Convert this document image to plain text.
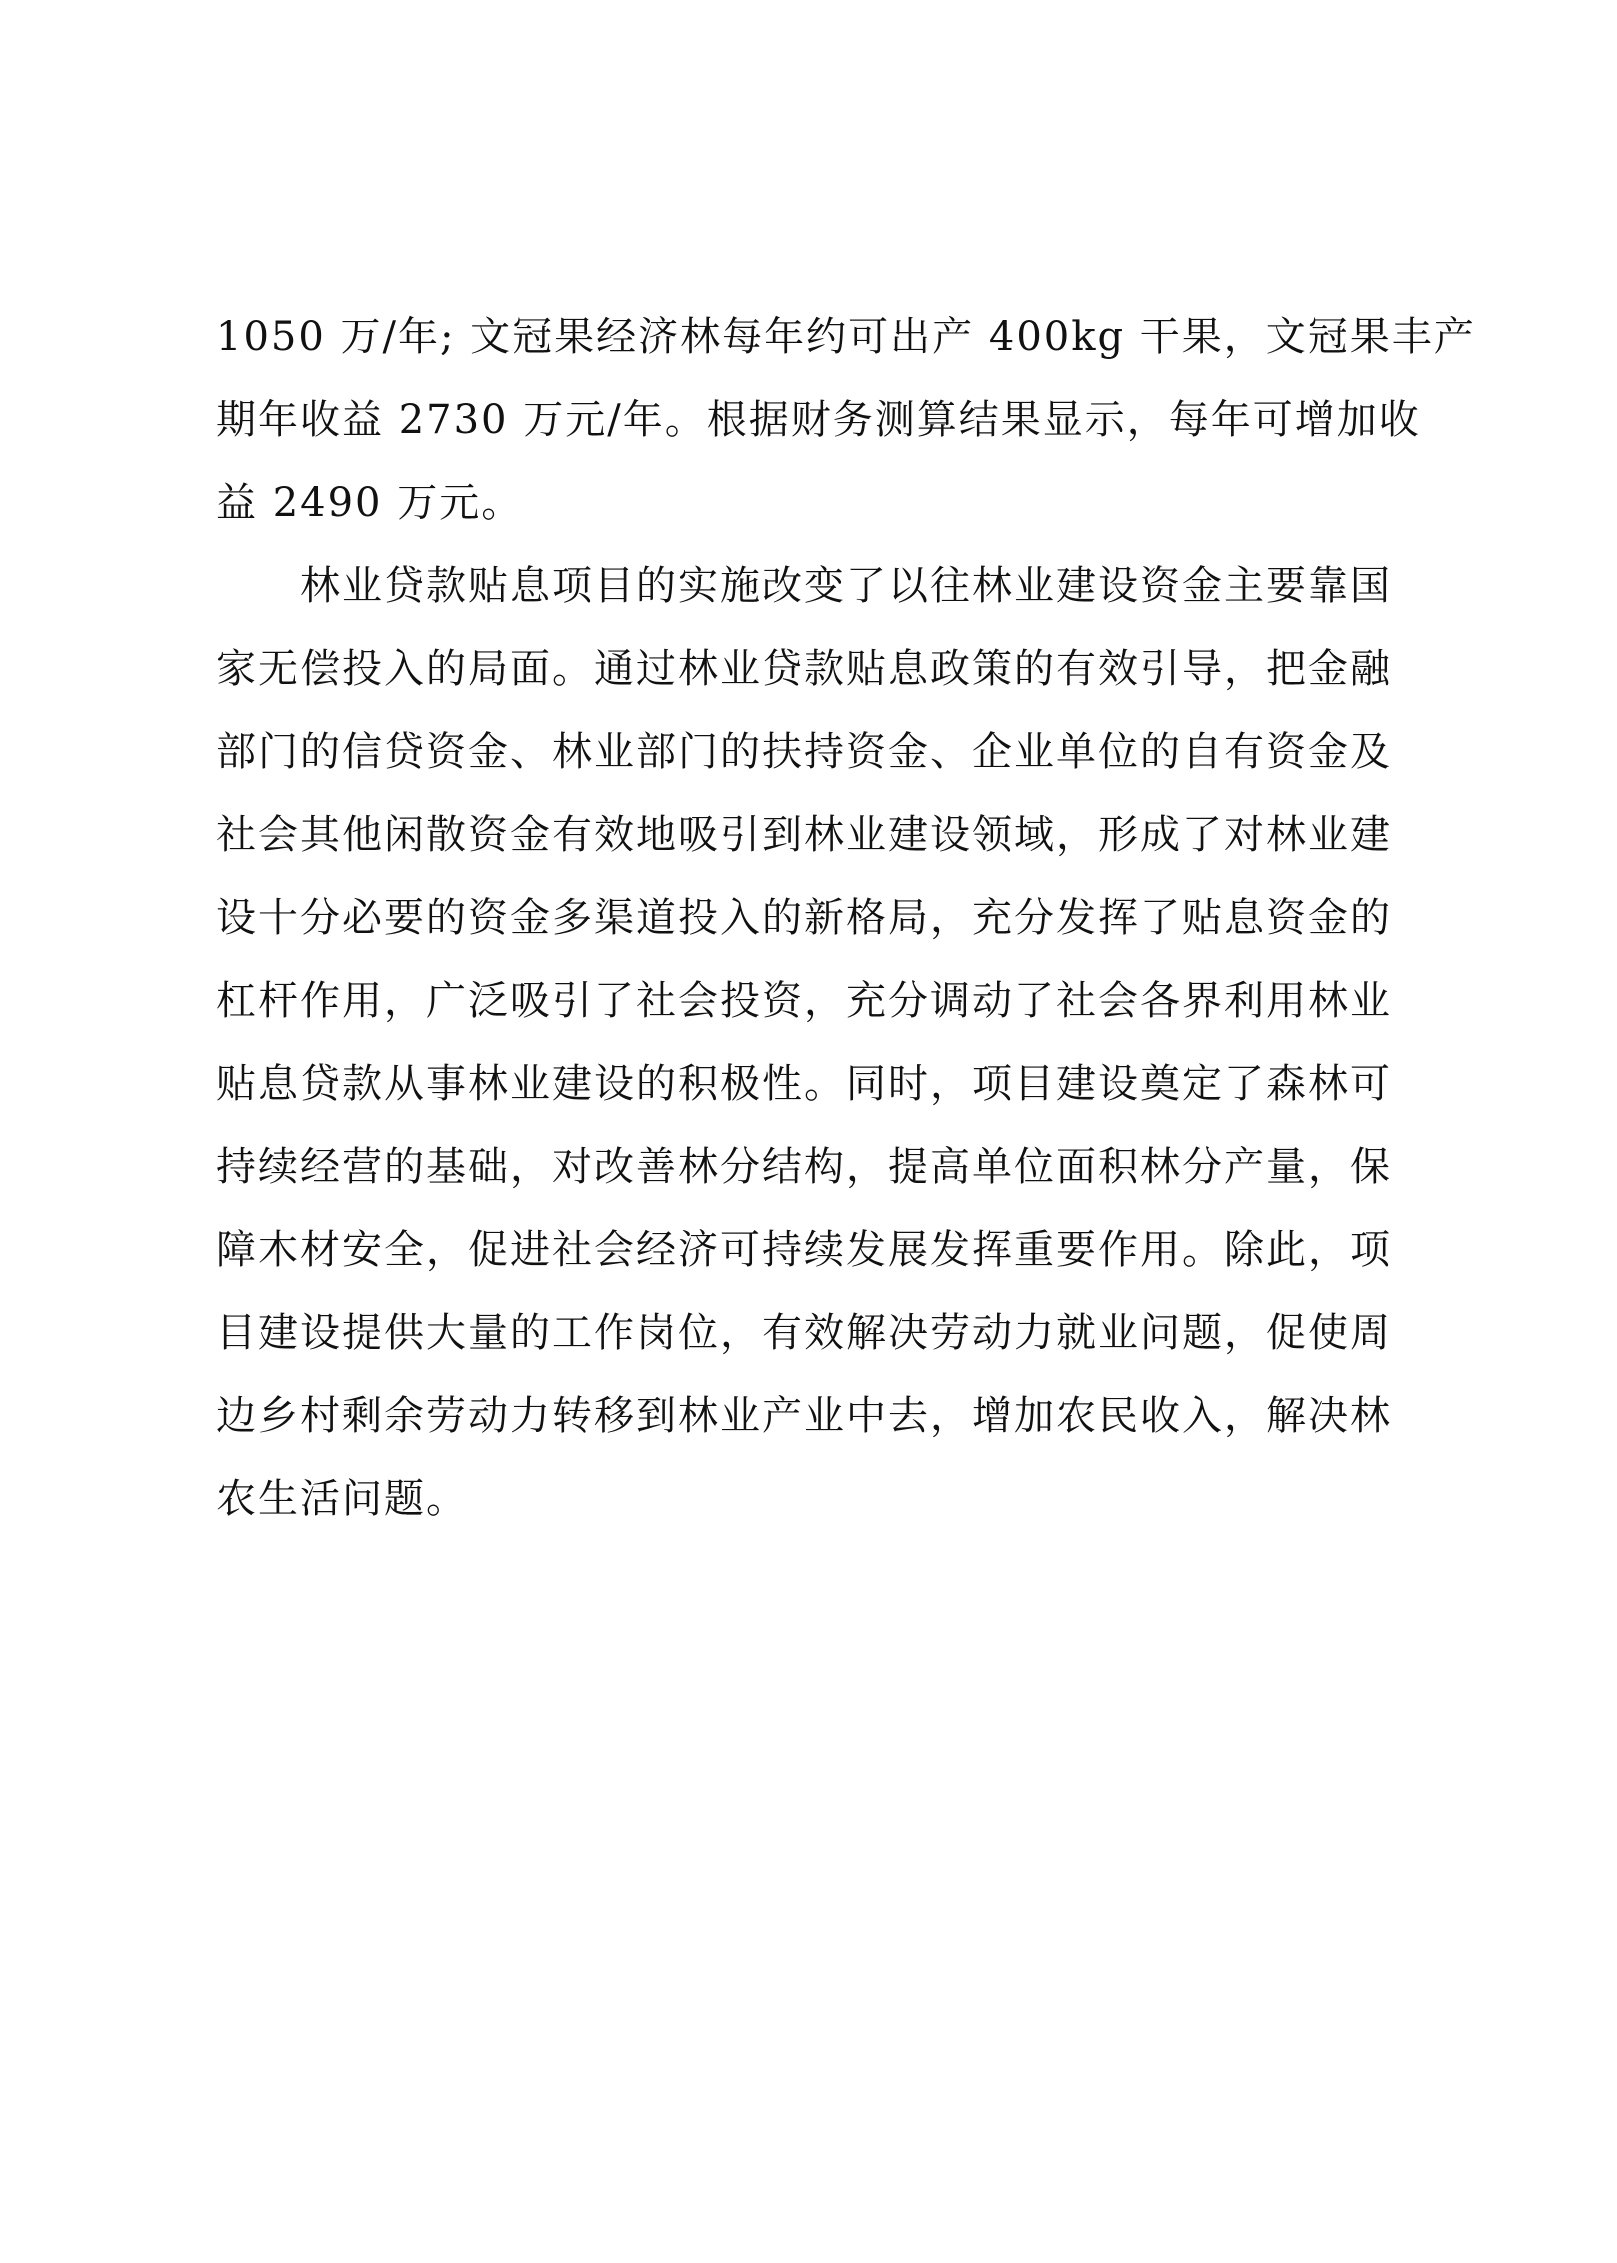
1050 万/年; 文冠果经济林每年约可出产 400kg 干果，文冠果丰产
期年收益 2730 万元/年。根据财务测算结果显示，每年可增加收
益 2490 万元。
林业贷款贴息项目的实施改变了以往林业建设资金主要靠国
家无偿投入的局面。通过林业贷款贴息政策的有效引导，把金融
部门的信贷资金、林业部门的扶持资金、企业单位的自有资金及
社会其他闲散资金有效地吸引到林业建设领域，形成了对林业建
设十分必要的资金多渠道投入的新格局，充分发挥了贴息资金的
杠杆作用，广泛吸引了社会投资，充分调动了社会各界利用林业
贴息贷款从事林业建设的积极性。同时，项目建设奠定了森林可
持续经营的基础，对改善林分结构，提高单位面积林分产量，保
障木材安全，促进社会经济可持续发展发挥重要作用。除此，项
目建设提供大量的工作岗位，有效解决劳动力就业问题，促使周
边乡村剩余劳动力转移到林业产业中去，增加农民收入，解决林
农生活问题。
